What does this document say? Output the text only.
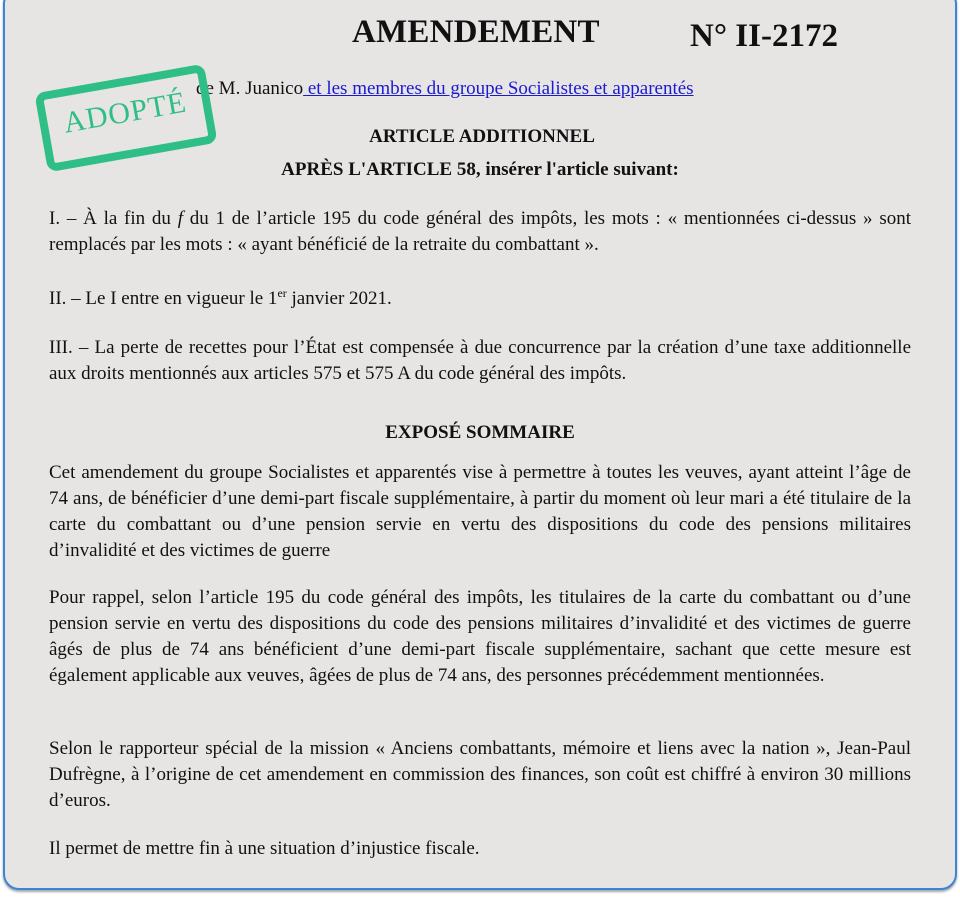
AMENDEMENT	N° II-2172
de M. Juanico et les membres du groupe Socialistes et apparentés
ADOPTÉ	ARTICLE ADDITIONNEL
APRÈS L'ARTICLE 58, insérer l'article suivant:
I. – À la fin du f du 1 de l’article 195 du code général des impôts, les mots : « mentionnées ci-dessus » sont remplacés par les mots : « ayant bénéficié de la retraite du combattant ».
II. – Le I entre en vigueur le 1er janvier 2021.
III. – La perte de recettes pour l’État est compensée à due concurrence par la création d’une taxe additionnelle aux droits mentionnés aux articles 575 et 575 A du code général des impôts.
EXPOSÉ SOMMAIRE
Cet amendement du groupe Socialistes et apparentés vise à permettre à toutes les veuves, ayant atteint l’âge de 74 ans, de bénéficier d’une demi-part fiscale supplémentaire, à partir du moment où leur mari a été titulaire de la carte du combattant ou d’une pension servie en vertu des dispositions du code des pensions militaires d’invalidité et des victimes de guerre
Pour rappel, selon l’article 195 du code général des impôts, les titulaires de la carte du combattant ou d’une pension servie en vertu des dispositions du code des pensions militaires d’invalidité et des victimes de guerre âgés de plus de 74 ans bénéficient d’une demi-part fiscale supplémentaire, sachant que cette mesure est également applicable aux veuves, âgées de plus de 74 ans, des personnes précédemment mentionnées.
Selon le rapporteur spécial de la mission « Anciens combattants, mémoire et liens avec la nation », Jean-Paul Dufrègne, à l’origine de cet amendement en commission des finances, son coût est chiffré à environ 30 millions d’euros.
Il permet de mettre fin à une situation d’injustice fiscale.
